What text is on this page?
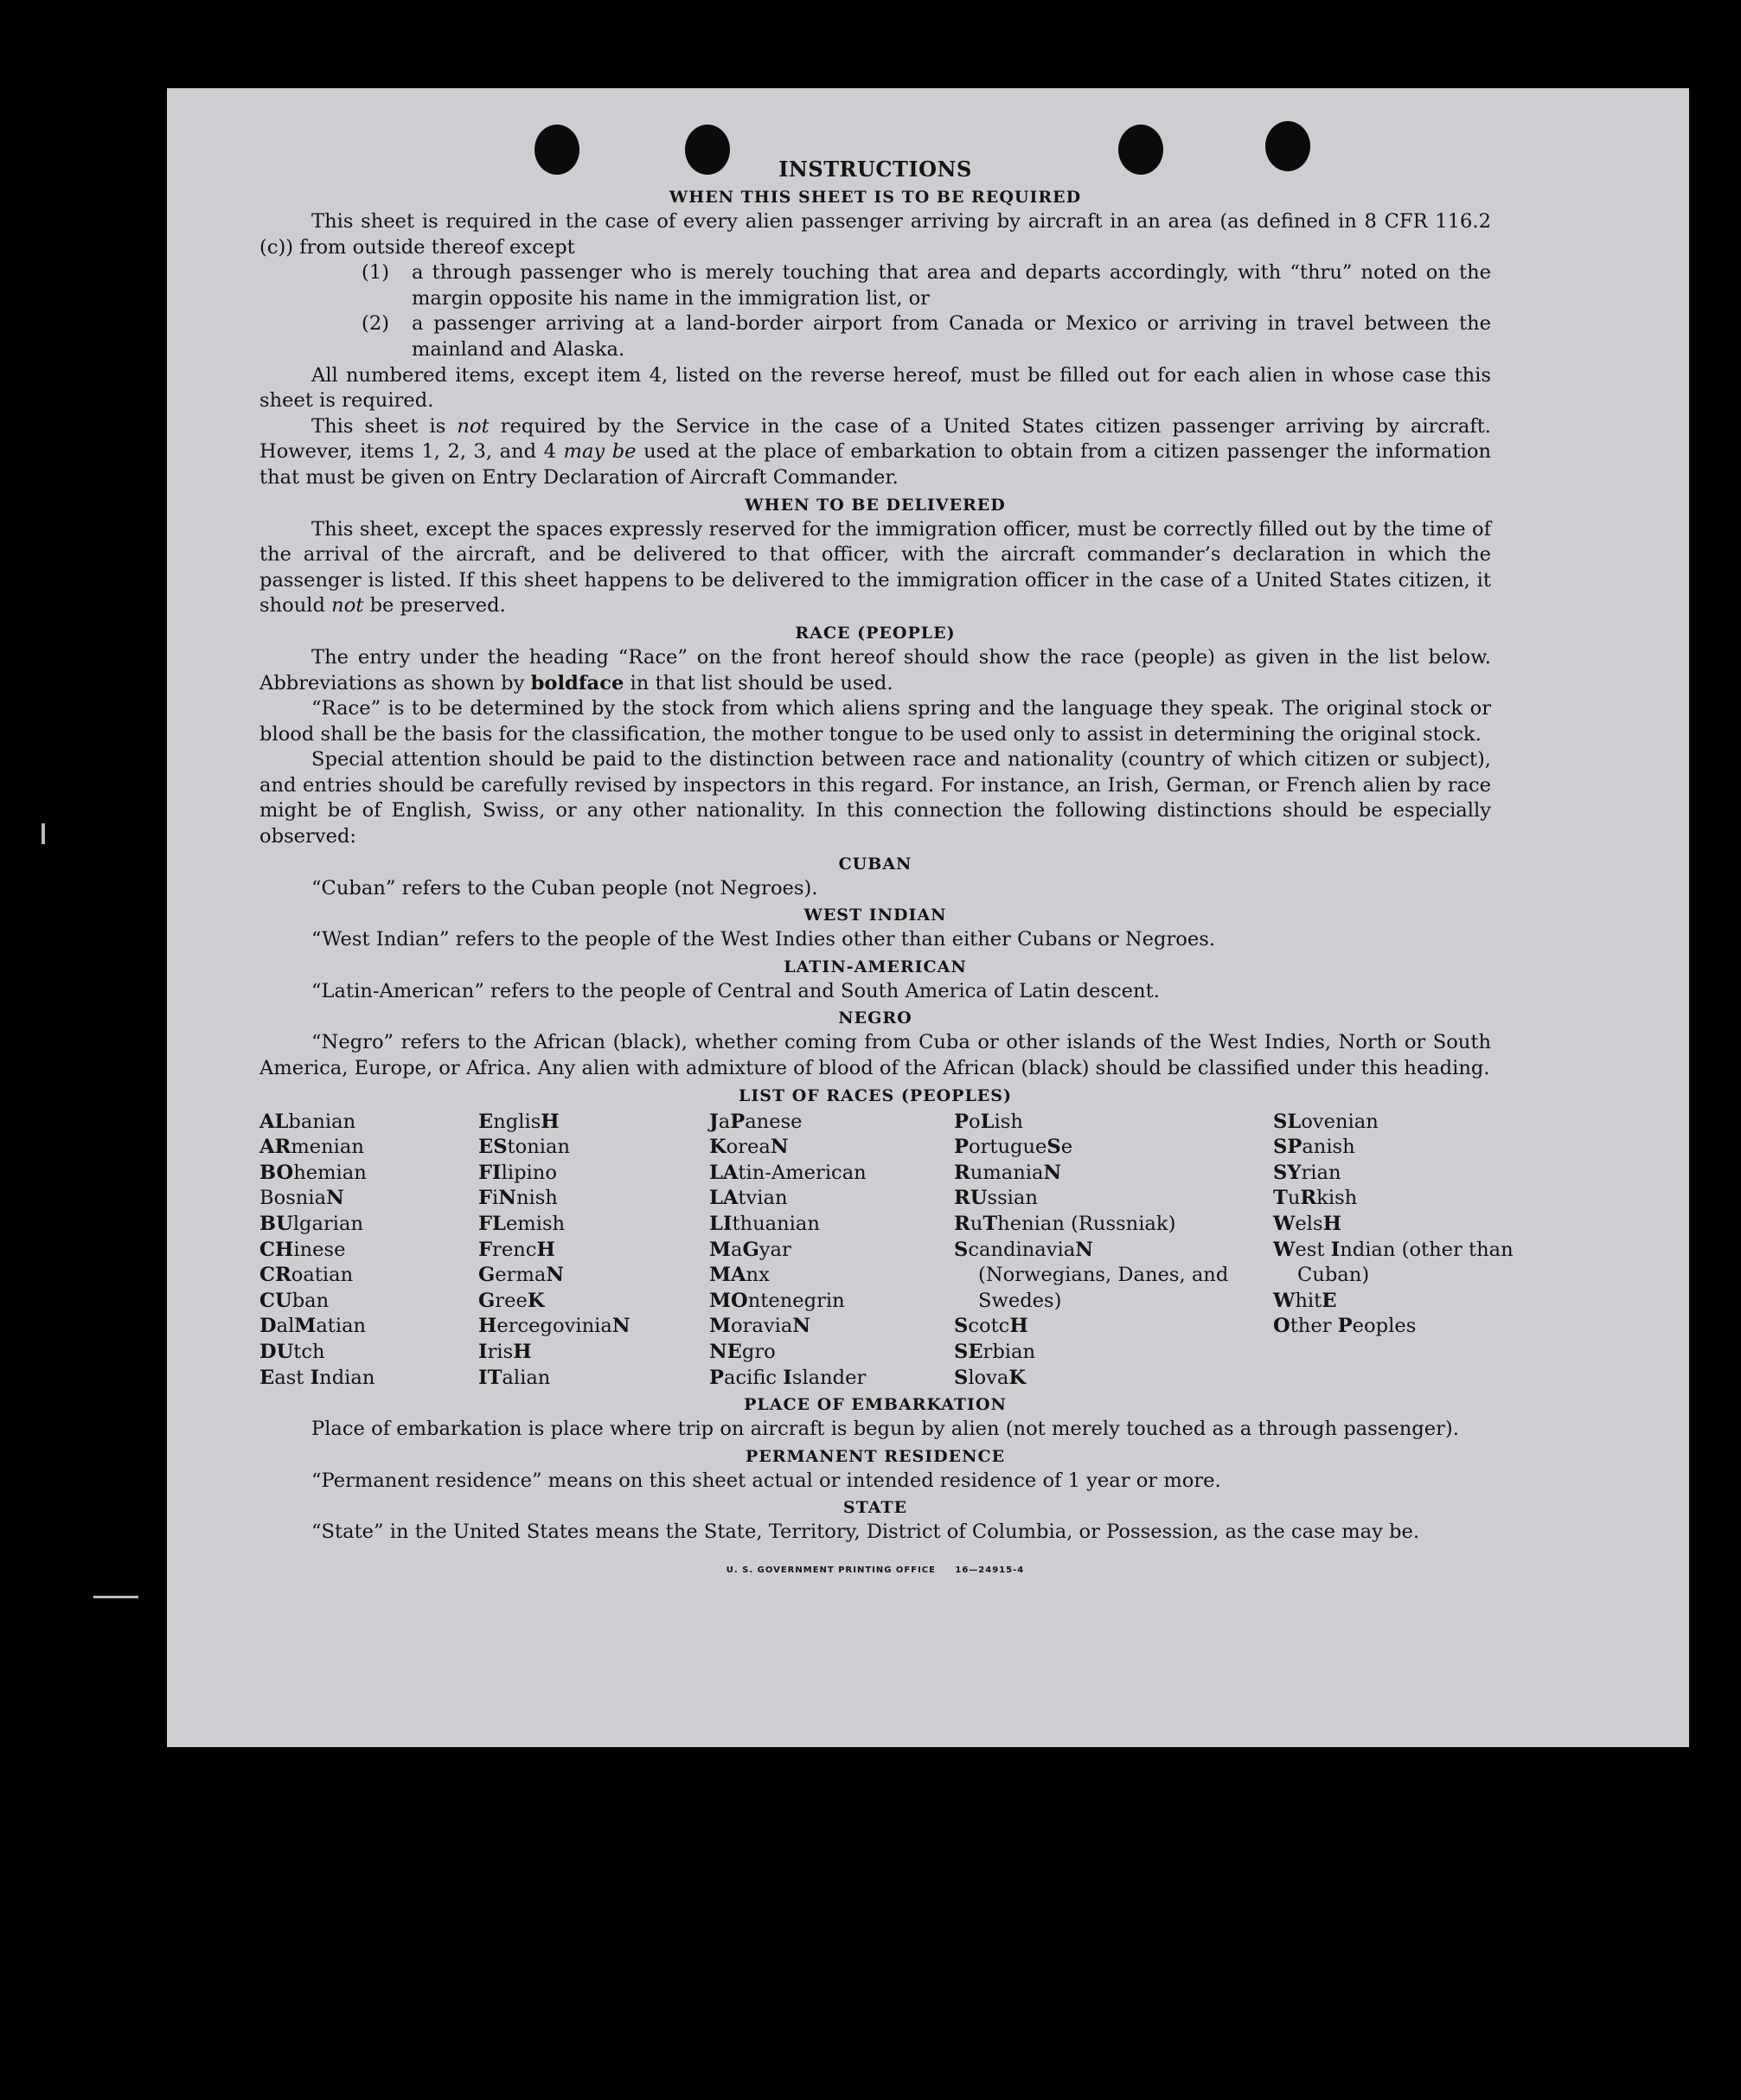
INSTRUCTIONS
WHEN THIS SHEET IS TO BE REQUIRED

This sheet is required in the case of every alien passenger arriving by aircraft in an area (as defined in 8 CFR 116.2 (c)) from outside thereof except

(1) a through passenger who is merely touching that area and departs accordingly, with “thru” noted on the margin opposite his name in the immigration list, or

(2) a passenger arriving at a land-border airport from Canada or Mexico or arriving in travel between the mainland and Alaska.

All numbered items, except item 4, listed on the reverse hereof, must be filled out for each alien in whose case this sheet is required.

This sheet is not required by the Service in the case of a United States citizen passenger arriving by aircraft. However, items 1, 2, 3, and 4 may be used at the place of embarkation to obtain from a citizen passenger the information that must be given on Entry Declaration of Aircraft Commander.

WHEN TO BE DELIVERED

This sheet, except the spaces expressly reserved for the immigration officer, must be correctly filled out by the time of the arrival of the aircraft, and be delivered to that officer, with the aircraft commander’s declaration in which the passenger is listed. If this sheet happens to be delivered to the immigration officer in the case of a United States citizen, it should not be preserved.

RACE (PEOPLE)

The entry under the heading “Race” on the front hereof should show the race (people) as given in the list below. Abbreviations as shown by boldface in that list should be used.

“Race” is to be determined by the stock from which aliens spring and the language they speak. The original stock or blood shall be the basis for the classification, the mother tongue to be used only to assist in determining the original stock.

Special attention should be paid to the distinction between race and nationality (country of which citizen or subject), and entries should be carefully revised by inspectors in this regard. For instance, an Irish, German, or French alien by race might be of English, Swiss, or any other nationality. In this connection the following distinctions should be especially observed:

CUBAN

“Cuban” refers to the Cuban people (not Negroes).

WEST INDIAN

“West Indian” refers to the people of the West Indies other than either Cubans or Negroes.

LATIN-AMERICAN

“Latin-American” refers to the people of Central and South America of Latin descent.

NEGRO

“Negro” refers to the African (black), whether coming from Cuba or other islands of the West Indies, North or South America, Europe, or Africa. Any alien with admixture of blood of the African (black) should be classified under this heading.

LIST OF RACES (PEOPLES)
ALbanian
ARmenian
BOhemian
BosniaN
BUlgarian
CHinese
CRoatian
CUban
DalMatian
DUtch
East Indian
EnglisH
EStonian
FIlipino
FiNnish
FLemish
FrencH
GermaN
GreeK
HercegoviniaN
IrisH
ITalian
JaPanese
KoreaN
LAtin-American
LAtvian
LIthuanian
MaGyar
MAnx
MOntenegrin
MoraviaN
NEgro
Pacific Islander
PoLish
PortugueSe
RumaniaN
RUssian
RuThenian (Russniak)
ScandinaviaN (Norwegians, Danes, and Swedes)
ScotcH
SErbian
SlovaK
SLovenian
SPanish
SYrian
TuRkish
WelsH
West Indian (other than Cuban)
WhitE
Other Peoples
PLACE OF EMBARKATION

Place of embarkation is place where trip on aircraft is begun by alien (not merely touched as a through passenger).

PERMANENT RESIDENCE

“Permanent residence” means on this sheet actual or intended residence of 1 year or more.

STATE

“State” in the United States means the State, Territory, District of Columbia, or Possession, as the case may be.

U. S. GOVERNMENT PRINTING OFFICE     16—24915-4
